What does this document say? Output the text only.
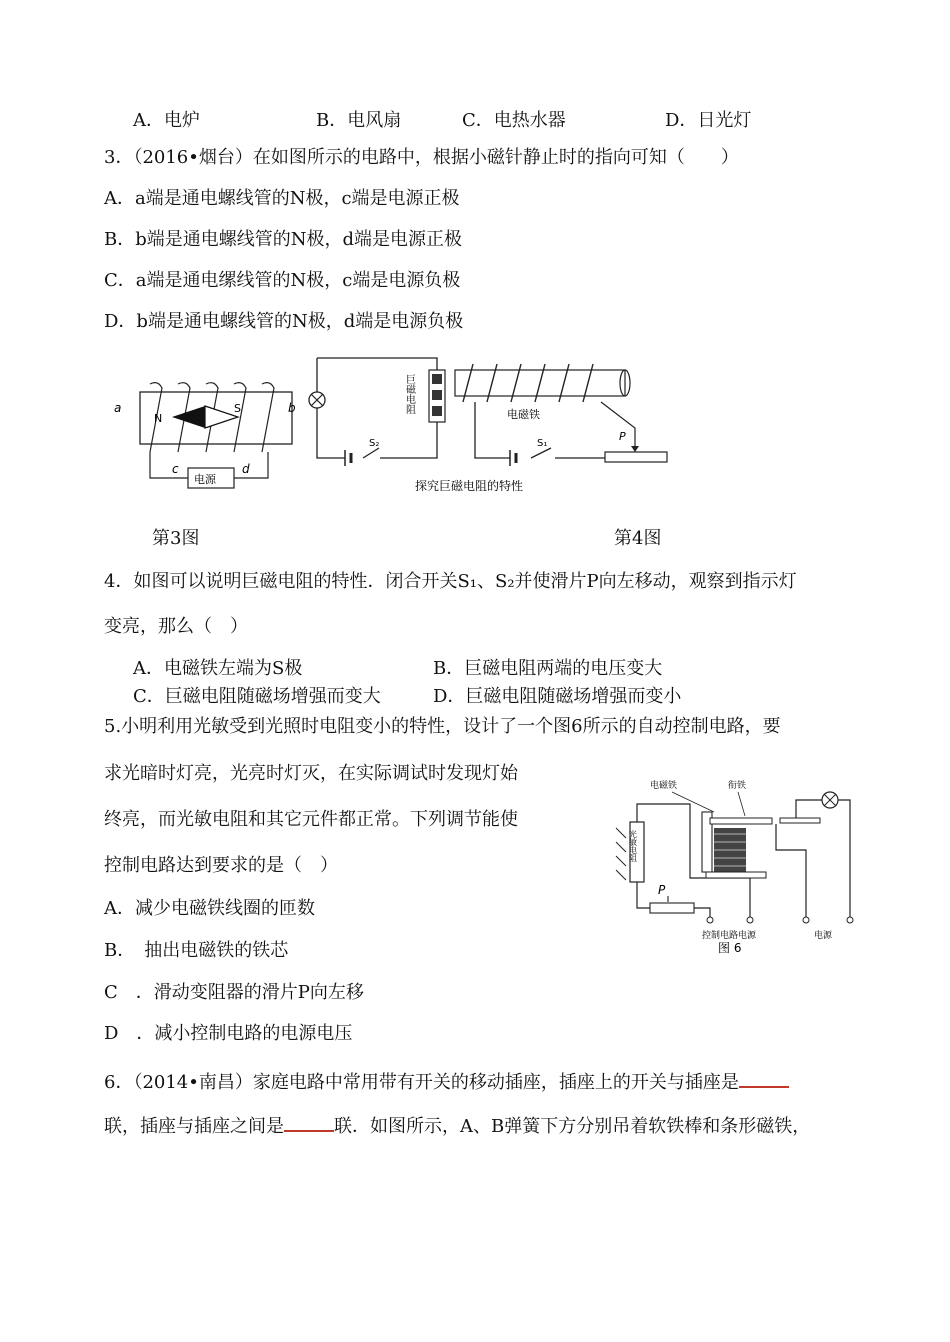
A．电炉	B．电风扇	C．电热水器	D．日光灯
3．（2016•烟台）在如图所示的电路中，根据小磁针静止时的指向可知（　　）
A．a端是通电螺线管的N极，c端是电源正极
B．b端是通电螺线管的N极，d端是电源正极
C．a端是通电缧线管的N极，c端是电源负极
D．b端是通电螺线管的N极，d端是电源负极
N
S
a	b
电源
c	d
S₂
巨磁电阻
电磁铁
S₁
P
探究巨磁电阻的特性
第3图	第4图
4．如图可以说明巨磁电阻的特性．闭合开关S₁、S₂并使滑片P向左移动，观察到指示灯
变亮，那么（　）
A．电磁铁左端为S极	B．巨磁电阻两端的电压变大
C．巨磁电阻随磁场增强而变大	D．巨磁电阻随磁场增强而变小
5.小明利用光敏受到光照时电阻变小的特性，设计了一个图6所示的自动控制电路，要
求光暗时灯亮，光亮时灯灭，在实际调试时发现灯始
终亮，而光敏电阻和其它元件都正常。下列调节能使
控制电路达到要求的是（　）
A．减少电磁铁线圈的匝数
B．　抽出电磁铁的铁芯
C　．滑动变阻器的滑片P向左移
D　．减小控制电路的电源电压
电磁铁	衔铁
光敏电阻
P
控制电路电源	电源
图 6
6．（2014•南昌）家庭电路中常用带有开关的移动插座，插座上的开关与插座是
联，插座与插座之间是	联．如图所示，A、B弹簧下方分别吊着软铁棒和条形磁铁，
